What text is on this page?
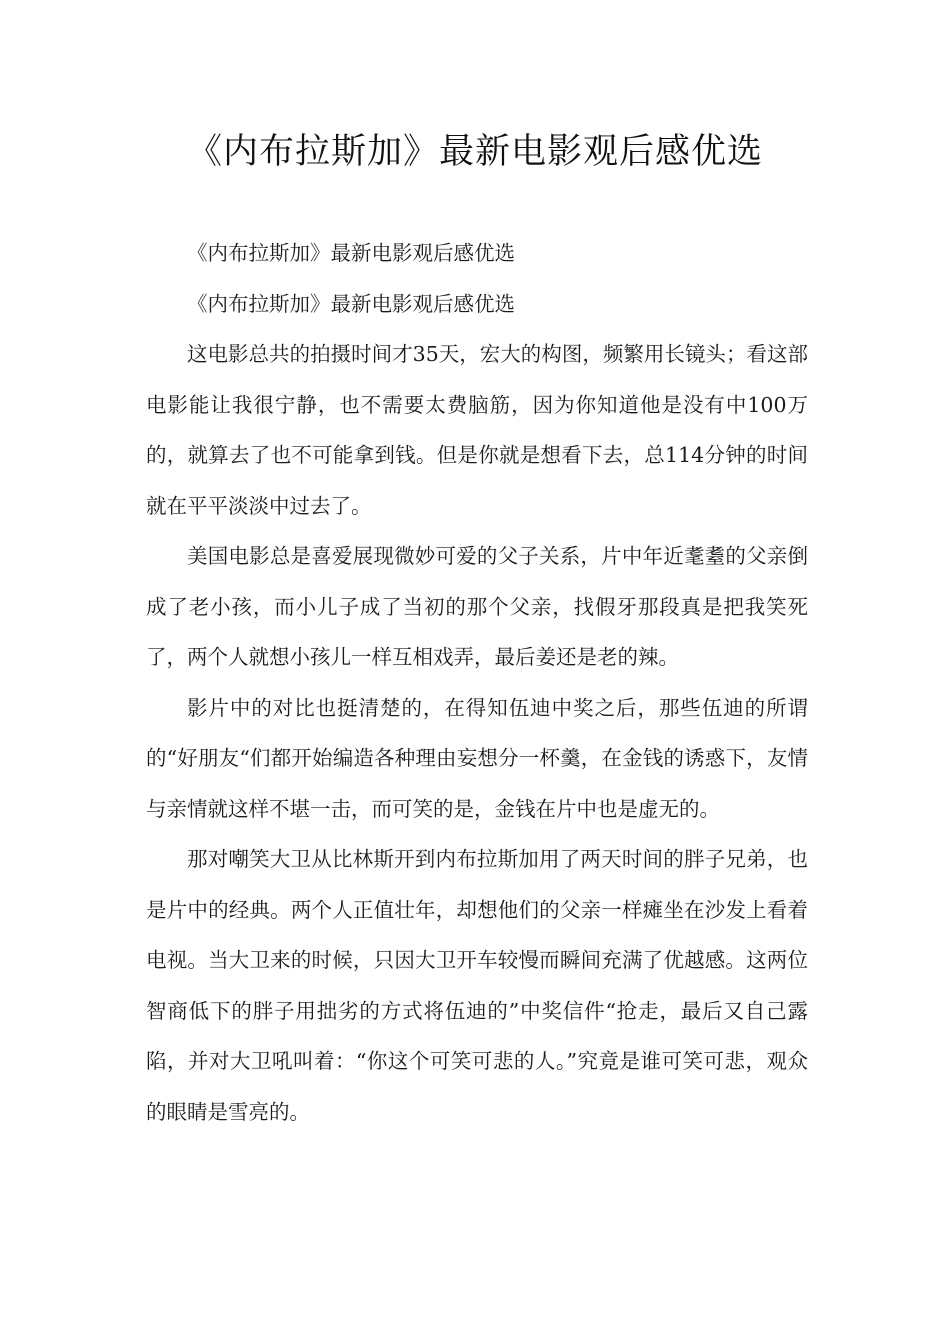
《内布拉斯加》最新电影观后感优选

《内布拉斯加》最新电影观后感优选

《内布拉斯加》最新电影观后感优选

这电影总共的拍摄时间才35天，宏大的构图，频繁用长镜头；看这部电影能让我很宁静，也不需要太费脑筋，因为你知道他是没有中100万的，就算去了也不可能拿到钱。但是你就是想看下去，总114分钟的时间就在平平淡淡中过去了。

美国电影总是喜爱展现微妙可爱的父子关系，片中年近耄耋的父亲倒成了老小孩，而小儿子成了当初的那个父亲，找假牙那段真是把我笑死了，两个人就想小孩儿一样互相戏弄，最后姜还是老的辣。

影片中的对比也挺清楚的，在得知伍迪中奖之后，那些伍迪的所谓的“好朋友“们都开始编造各种理由妄想分一杯羹，在金钱的诱惑下，友情与亲情就这样不堪一击，而可笑的是，金钱在片中也是虚无的。

那对嘲笑大卫从比林斯开到内布拉斯加用了两天时间的胖子兄弟，也是片中的经典。两个人正值壮年，却想他们的父亲一样瘫坐在沙发上看着电视。当大卫来的时候，只因大卫开车较慢而瞬间充满了优越感。这两位智商低下的胖子用拙劣的方式将伍迪的”中奖信件“抢走，最后又自己露陷，并对大卫吼叫着：“你这个可笑可悲的人。”究竟是谁可笑可悲，观众的眼睛是雪亮的。
